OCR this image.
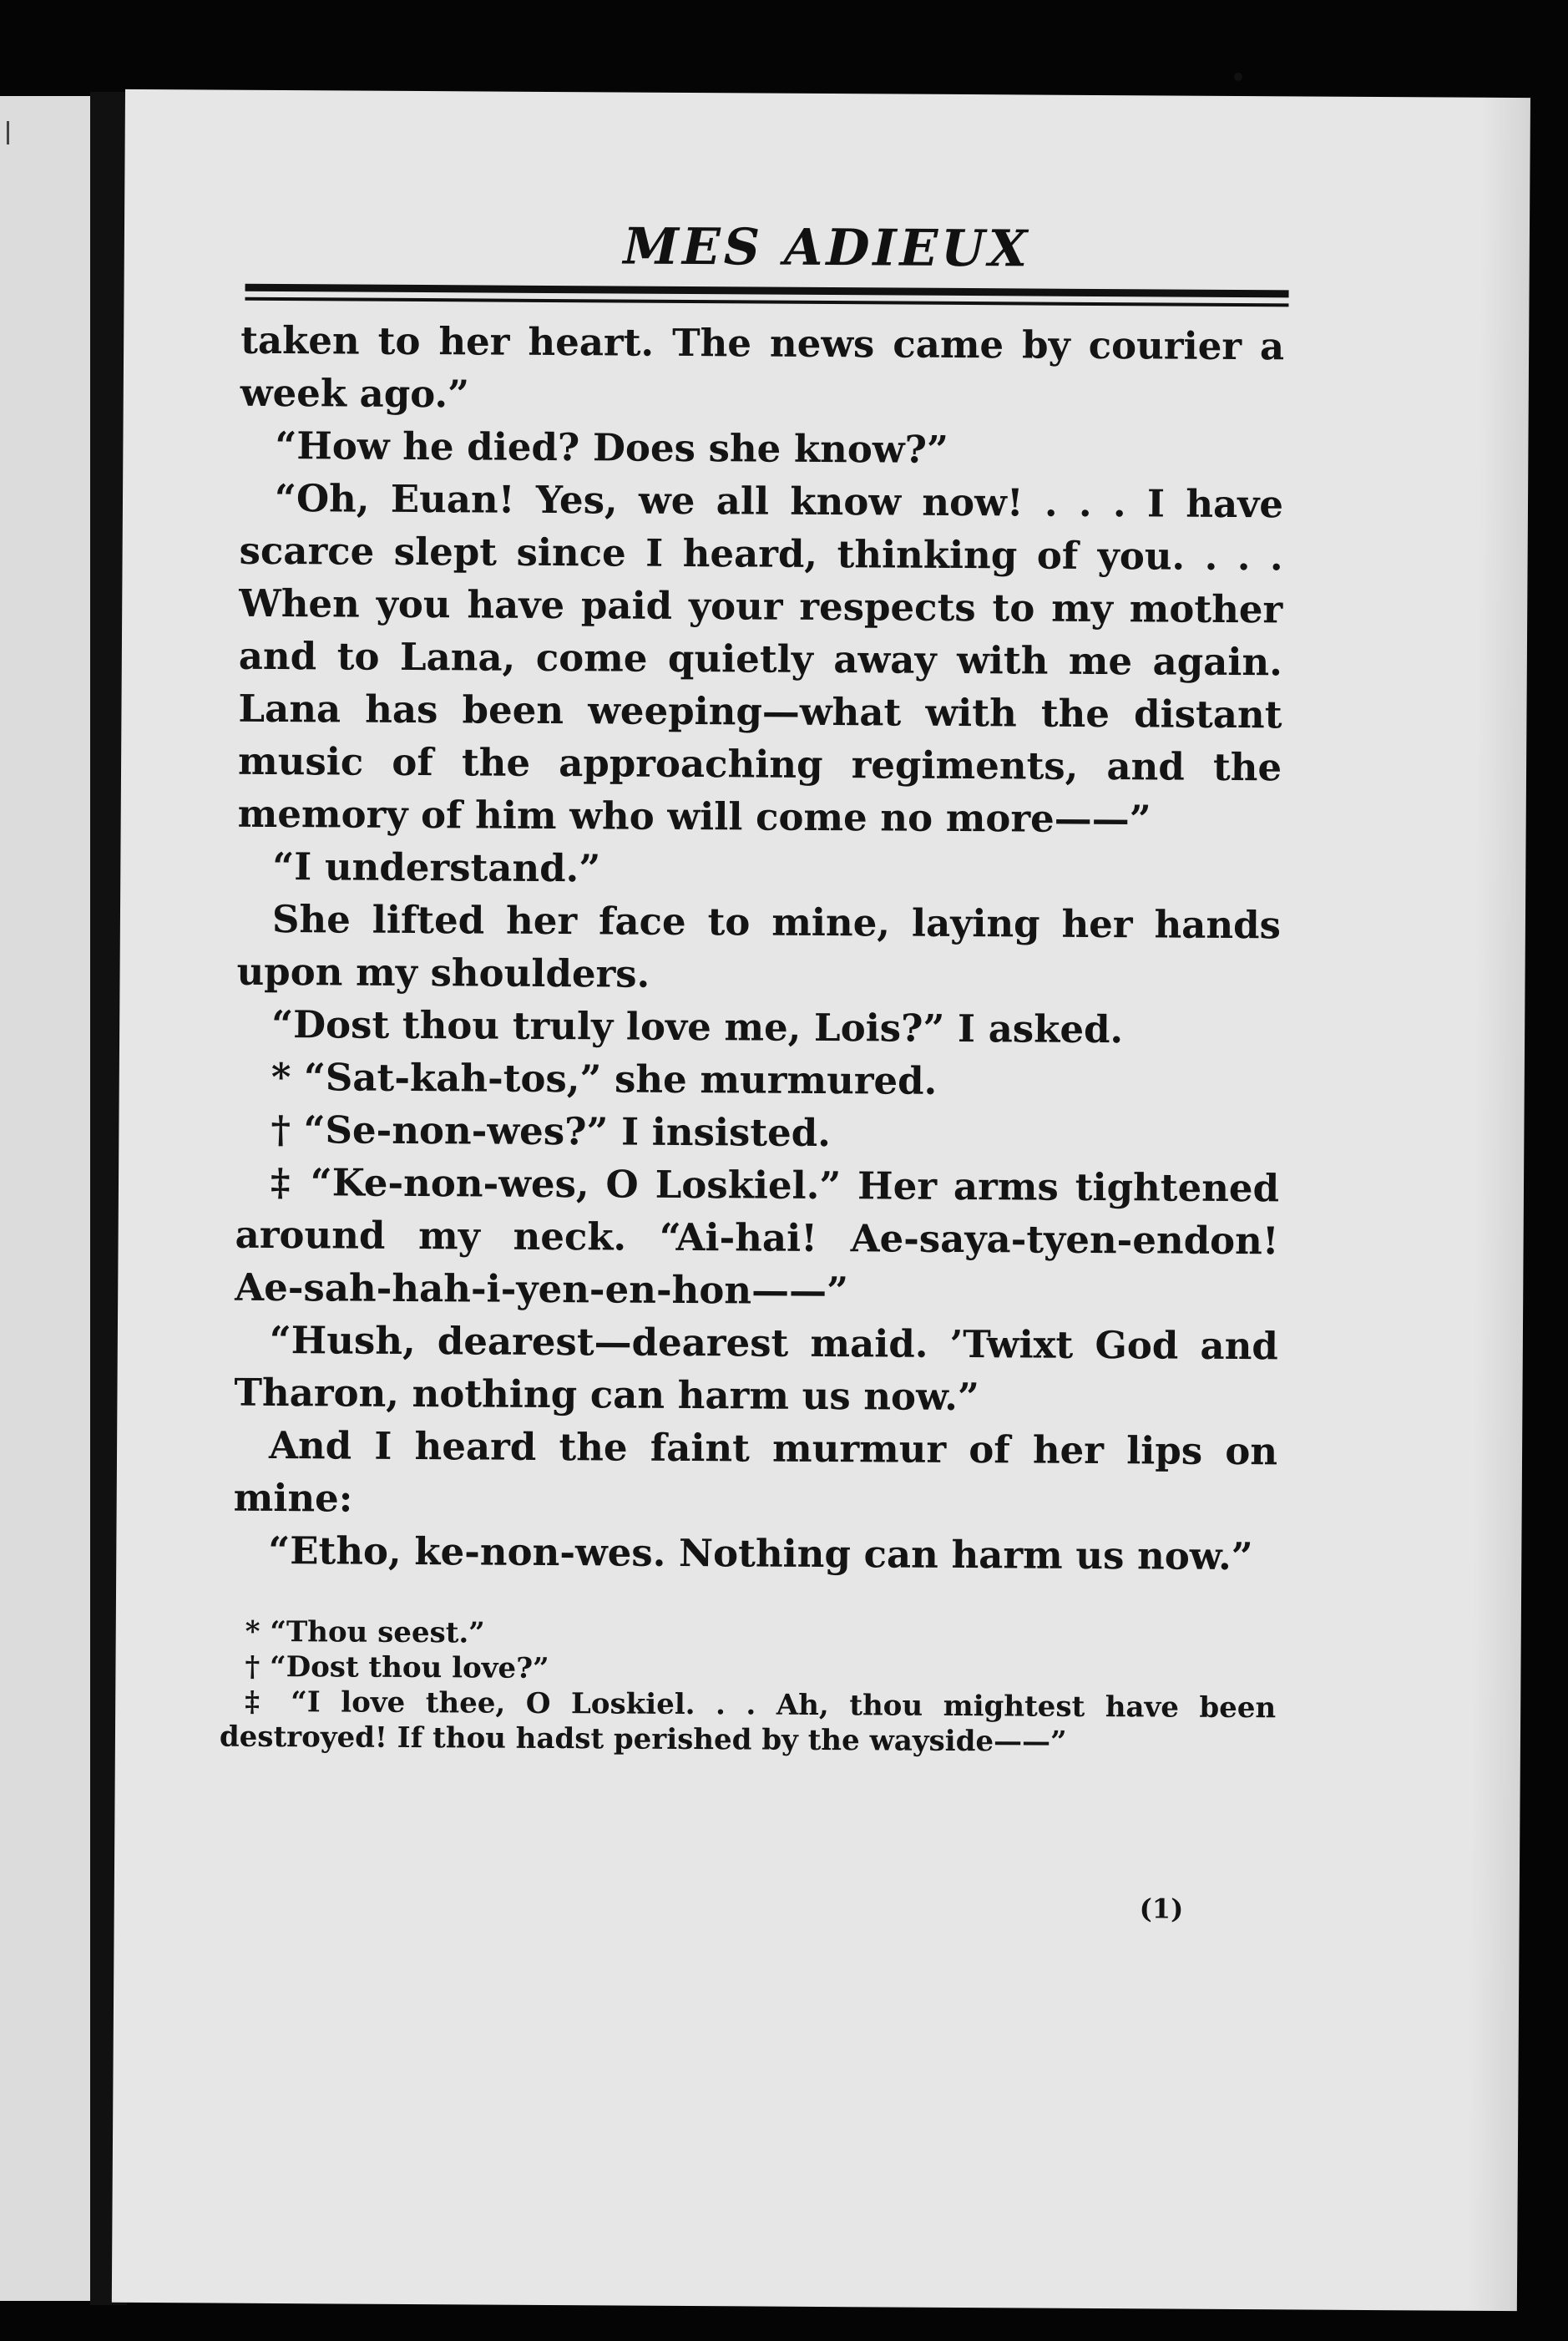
MES ADIEUX

taken to her heart. The news came by courier a week ago.”

“How he died? Does she know?”

“Oh, Euan! Yes, we all know now! . . . I have scarce slept since I heard, thinking of you. . . . When you have paid your respects to my mother and to Lana, come quietly away with me again. Lana has been weeping—what with the distant music of the approaching regiments, and the memory of him who will come no more——”

“I understand.”

She lifted her face to mine, laying her hands upon my shoulders.

“Dost thou truly love me, Lois?” I asked.

* “Sat-kah-tos,” she murmured.

† “Se-non-wes?” I insisted.

‡ “Ke-non-wes, O Loskiel.” Her arms tightened around my neck. “Ai-hai! Ae-saya-tyen-endon! Ae-sah-hah-i-yen-en-hon——”

“Hush, dearest—dearest maid. ’Twixt God and Tharon, nothing can harm us now.”

And I heard the faint murmur of her lips on mine:

“Etho, ke-non-wes. Nothing can harm us now.”

* “Thou seest.”

† “Dost thou love?”

‡ “I love thee, O Loskiel. . . Ah, thou mightest have been destroyed! If thou hadst perished by the wayside——”

(1)
